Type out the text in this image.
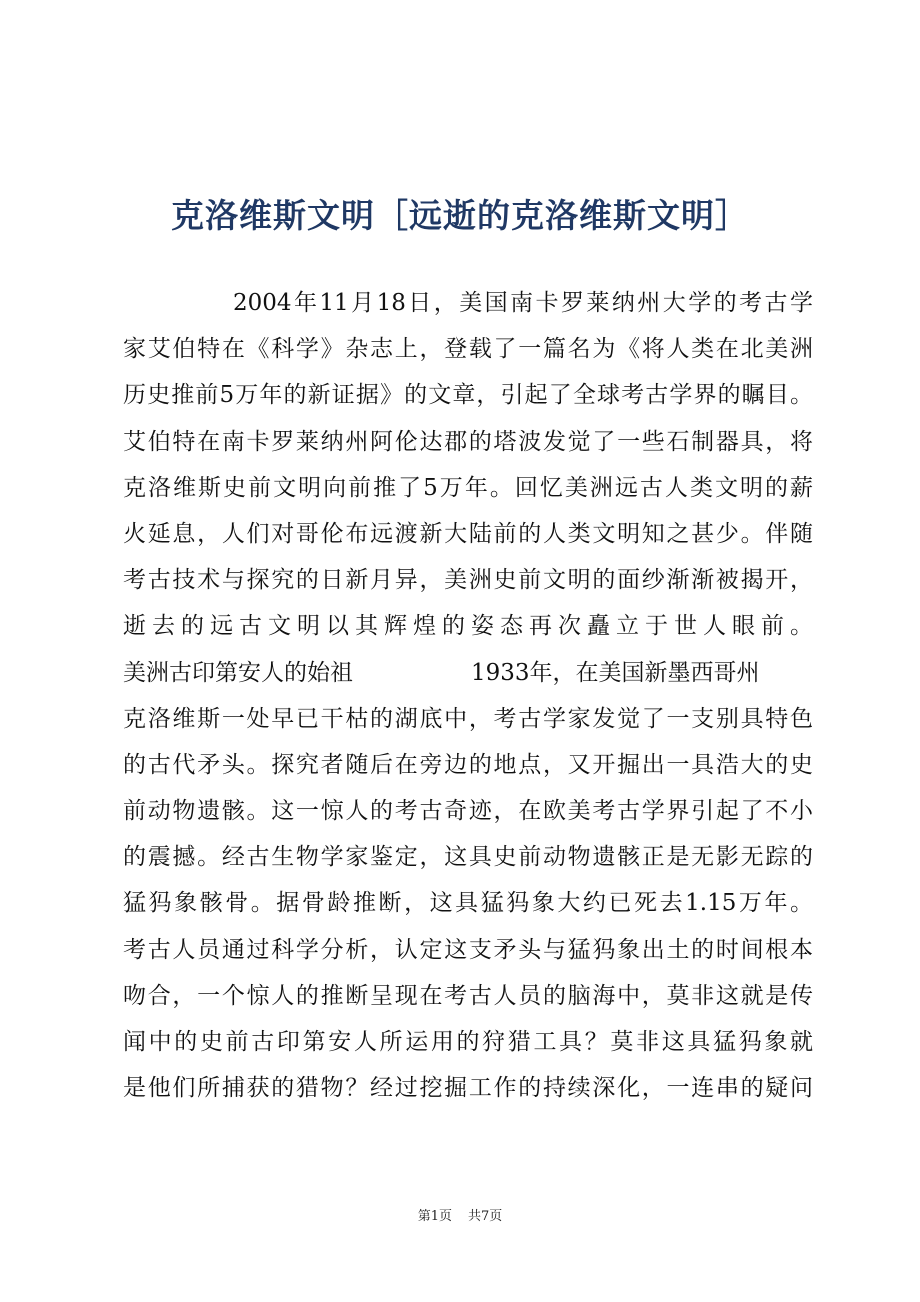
克洛维斯文明［远逝的克洛维斯文明］
2004年11月18日，美国南卡罗莱纳州大学的考古学
家艾伯特在《科学》杂志上，登载了一篇名为《将人类在北美洲
历史推前5万年的新证据》的文章，引起了全球考古学界的瞩目。
艾伯特在南卡罗莱纳州阿伦达郡的塔波发觉了一些石制器具，将
克洛维斯史前文明向前推了5万年。回忆美洲远古人类文明的薪
火延息，人们对哥伦布远渡新大陆前的人类文明知之甚少。伴随
考古技术与探究的日新月异，美洲史前文明的面纱渐渐被揭开，
逝去的远古文明以其辉煌的姿态再次矗立于世人眼前。
美洲古印第安人的始祖	1933年，在美国新墨西哥州
克洛维斯一处早已干枯的湖底中，考古学家发觉了一支别具特色
的古代矛头。探究者随后在旁边的地点，又开掘出一具浩大的史
前动物遗骸。这一惊人的考古奇迹，在欧美考古学界引起了不小
的震撼。经古生物学家鉴定，这具史前动物遗骸正是无影无踪的
猛犸象骸骨。据骨龄推断，这具猛犸象大约已死去1.15万年。
考古人员通过科学分析，认定这支矛头与猛犸象出土的时间根本
吻合，一个惊人的推断呈现在考古人员的脑海中，莫非这就是传
闻中的史前古印第安人所运用的狩猎工具？莫非这具猛犸象就
是他们所捕获的猎物？经过挖掘工作的持续深化，一连串的疑问
第1页 共7页
